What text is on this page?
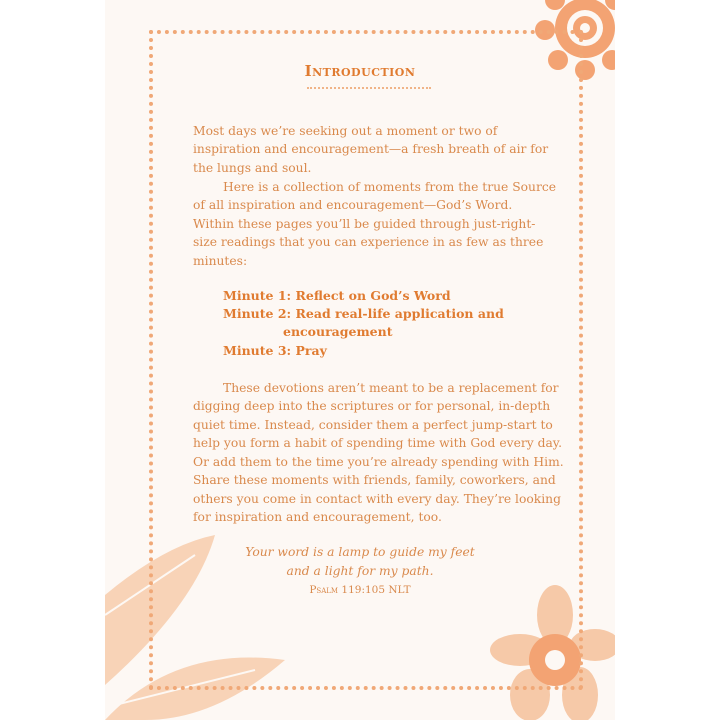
Introduction
Most days we’re seeking out a moment or two of
inspiration and encouragement—a fresh breath of air for
the lungs and soul.
Here is a collection of moments from the true Source
of all inspiration and encouragement—God’s Word.
Within these pages you’ll be guided through just-right-
size readings that you can experience in as few as three
minutes:
Minute 1: Reflect on God’s Word
Minute 2: Read real-life application and
encouragement
Minute 3: Pray
These devotions aren’t meant to be a replacement for
digging deep into the scriptures or for personal, in-depth
quiet time. Instead, consider them a perfect jump-start to
help you form a habit of spending time with God every day.
Or add them to the time you’re already spending with Him.
Share these moments with friends, family, coworkers, and
others you come in contact with every day. They’re looking
for inspiration and encouragement, too.
Your word is a lamp to guide my feet
and a light for my path.
Psalm 119:105 NLT
